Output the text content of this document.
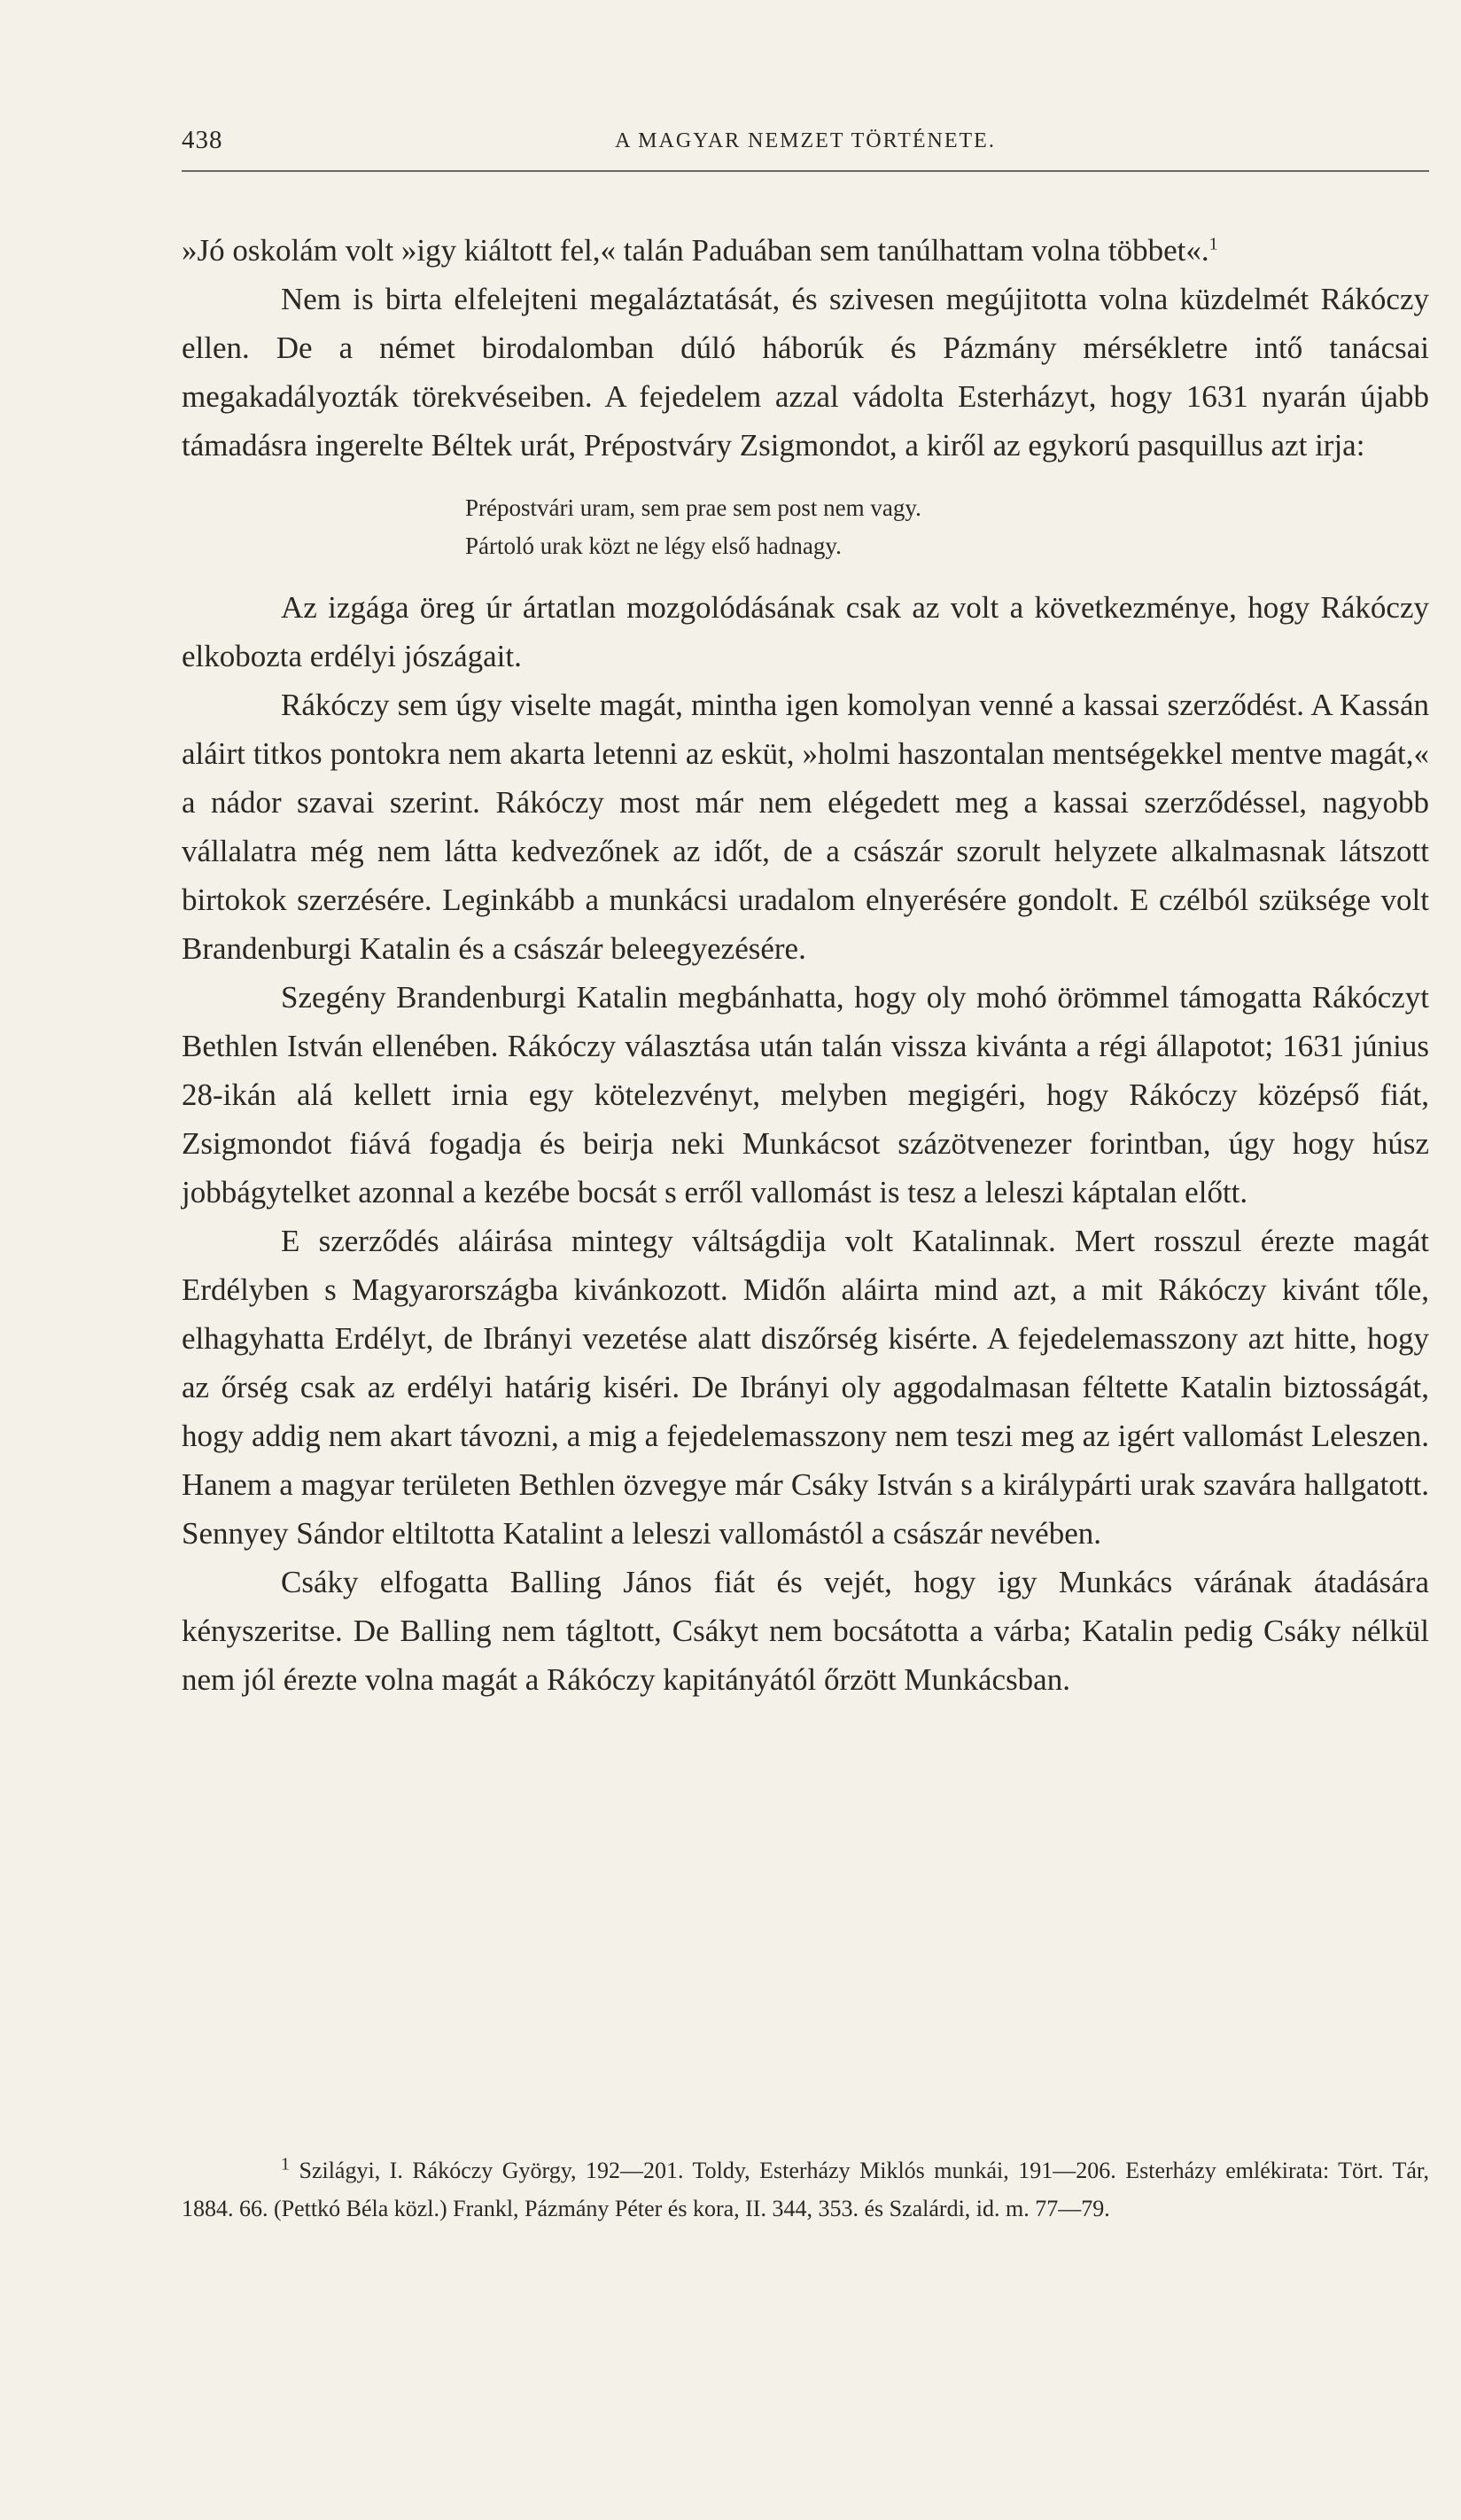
438	A MAGYAR NEMZET TÖRTÉNETE.

»Jó oskolám volt »igy kiáltott fel,« talán Paduában sem tanúlhattam volna többet«.$^1$

Nem is birta elfelejteni megaláztatását, és szivesen megújitotta volna küzdelmét Rákóczy ellen. De a német birodalomban dúló háborúk és Pázmány mérsékletre intő tanácsai megakadályozták törekvéseiben. A fejedelem azzal vádolta Esterházyt, hogy 1631 nyarán újabb támadásra ingerelte Béltek urát, Prépostváry Zsigmondot, a kiről az egykorú pasquillus azt irja:

Prépostvári uram, sem prae sem post nem vagy.
Pártoló urak közt ne légy első hadnagy.

Az izgága öreg úr ártatlan mozgolódásának csak az volt a következménye, hogy Rákóczy elkobozta erdélyi jószágait.

Rákóczy sem úgy viselte magát, mintha igen komolyan venné a kassai szerződést. A Kassán aláirt titkos pontokra nem akarta letenni az esküt, »holmi haszontalan mentségekkel mentve magát,« a nádor szavai szerint. Rákóczy most már nem elégedett meg a kassai szerződéssel, nagyobb vállalatra még nem látta kedvezőnek az időt, de a császár szorult helyzete alkalmasnak látszott birtokok szerzésére. Leginkább a munkácsi uradalom elnyerésére gondolt. E czélból szüksége volt Brandenburgi Katalin és a császár beleegyezésére.

Szegény Brandenburgi Katalin megbánhatta, hogy oly mohó örömmel támogatta Rákóczyt Bethlen István ellenében. Rákóczy választása után talán vissza kivánta a régi állapotot; 1631 június 28-ikán alá kellett irnia egy kötelezvényt, melyben megigéri, hogy Rákóczy középső fiát, Zsigmondot fiává fogadja és beirja neki Munkácsot százötvenezer forintban, úgy hogy húsz jobbágytelket azonnal a kezébe bocsát s erről vallomást is tesz a leleszi káptalan előtt.

E szerződés aláirása mintegy váltságdija volt Katalinnak. Mert rosszul érezte magát Erdélyben s Magyarországba kivánkozott. Midőn aláirta mind azt, a mit Rákóczy kivánt tőle, elhagyhatta Erdélyt, de Ibrányi vezetése alatt diszőrség kisérte. A fejedelemasszony azt hitte, hogy az őrség csak az erdélyi határig kiséri. De Ibrányi oly aggodalmasan féltette Katalin biztosságát, hogy addig nem akart távozni, a mig a fejedelemasszony nem teszi meg az igért vallomást Leleszen. Hanem a magyar területen Bethlen özvegye már Csáky István s a királypárti urak szavára hallgatott. Sennyey Sándor eltiltotta Katalint a leleszi vallomástól a császár nevében.

Csáky elfogatta Balling János fiát és vejét, hogy igy Munkács várának átadására kényszeritse. De Balling nem tágltott, Csákyt nem bocsátotta a várba; Katalin pedig Csáky nélkül nem jól érezte volna magát a Rákóczy kapitányától őrzött Munkácsban.

$^1$ Szilágyi, I. Rákóczy György, 192—201. Toldy, Esterházy Miklós munkái, 191—206. Esterházy emlékirata: Tört. Tár, 1884. 66. (Pettkó Béla közl.) Frankl, Pázmány Péter és kora, II. 344, 353. és Szalárdi, id. m. 77—79.
